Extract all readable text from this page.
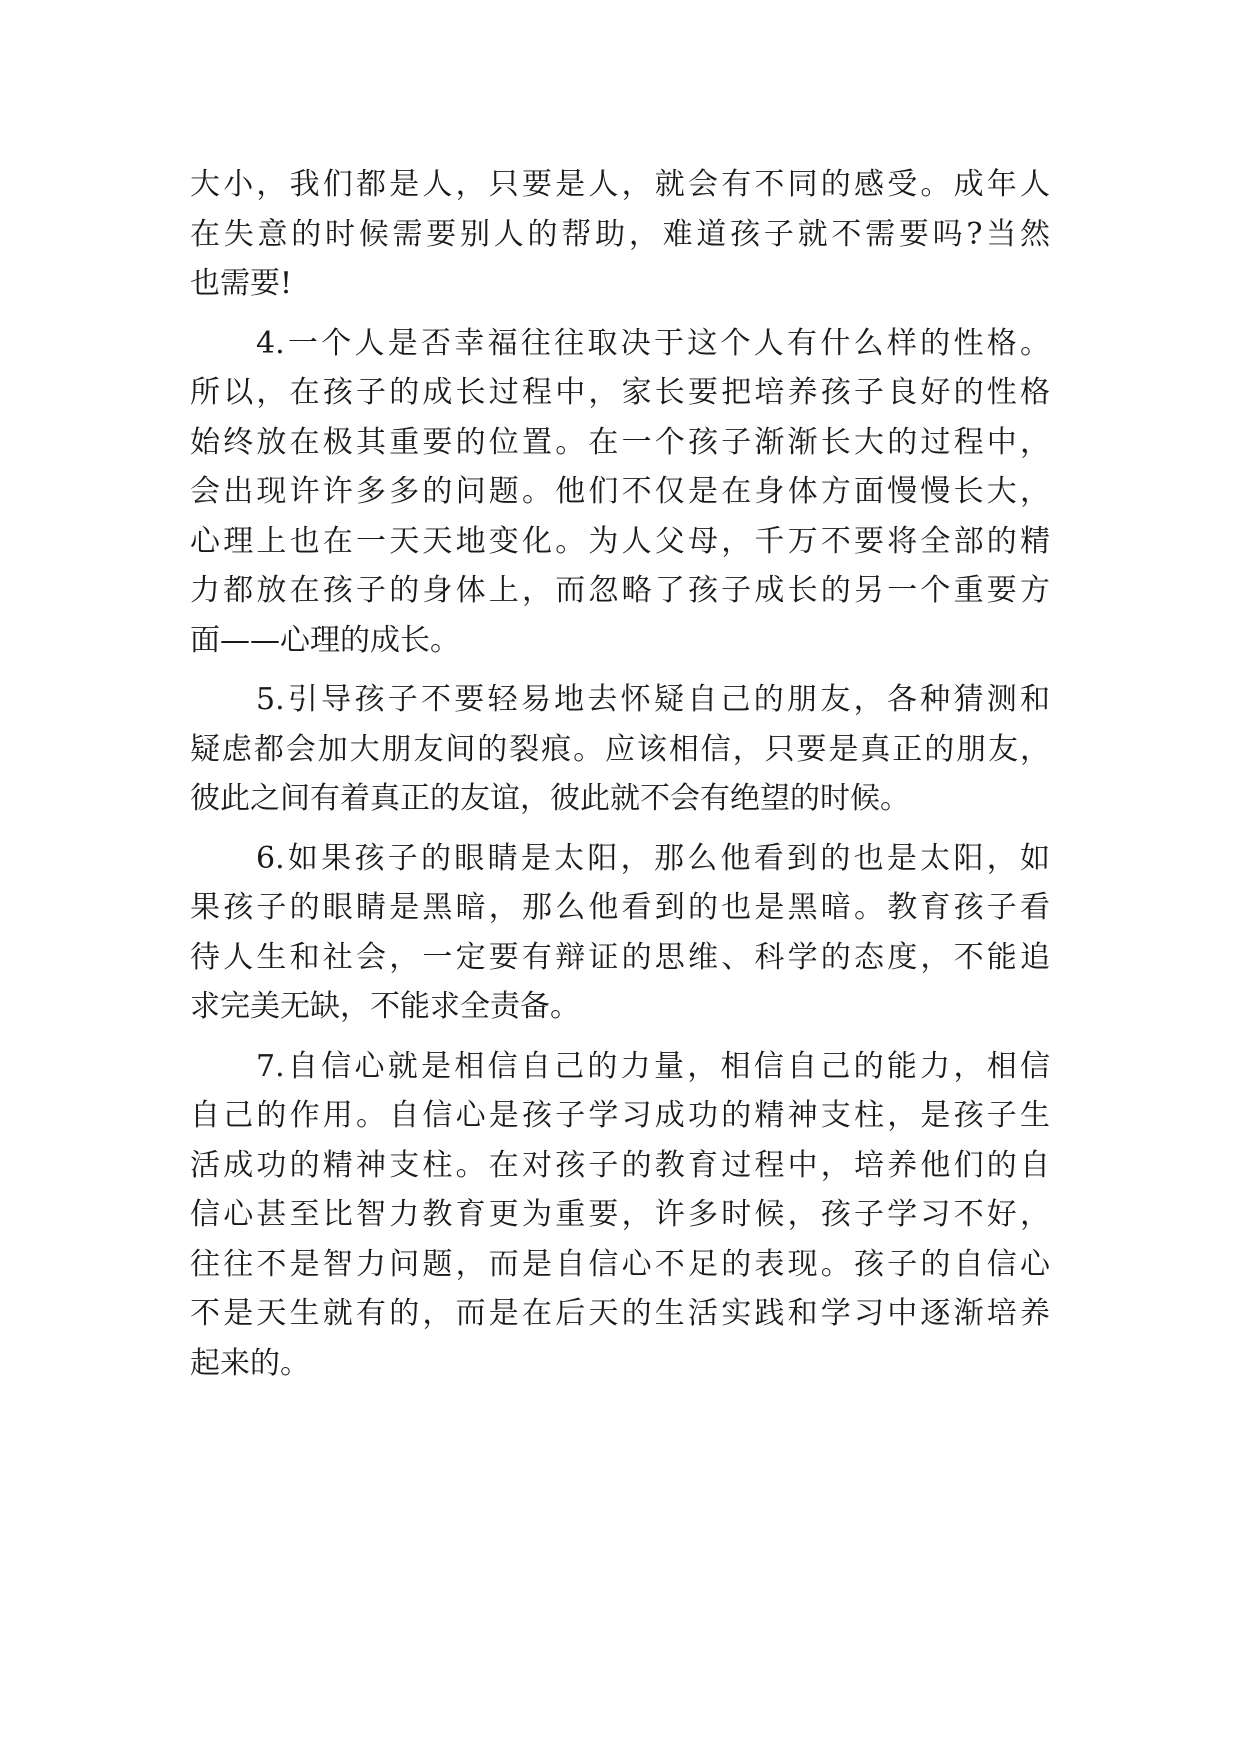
大小，我们都是人，只要是人，就会有不同的感受。成年人
在失意的时候需要别人的帮助，难道孩子就不需要吗?当然
也需要!
4.一个人是否幸福往往取决于这个人有什么样的性格。
所以，在孩子的成长过程中，家长要把培养孩子良好的性格
始终放在极其重要的位置。在一个孩子渐渐长大的过程中，
会出现许许多多的问题。他们不仅是在身体方面慢慢长大，
心理上也在一天天地变化。为人父母，千万不要将全部的精
力都放在孩子的身体上，而忽略了孩子成长的另一个重要方
面——心理的成长。
5.引导孩子不要轻易地去怀疑自己的朋友，各种猜测和
疑虑都会加大朋友间的裂痕。应该相信，只要是真正的朋友，
彼此之间有着真正的友谊，彼此就不会有绝望的时候。
6.如果孩子的眼睛是太阳，那么他看到的也是太阳，如
果孩子的眼睛是黑暗，那么他看到的也是黑暗。教育孩子看
待人生和社会，一定要有辩证的思维、科学的态度，不能追
求完美无缺，不能求全责备。
7.自信心就是相信自己的力量，相信自己的能力，相信
自己的作用。自信心是孩子学习成功的精神支柱，是孩子生
活成功的精神支柱。在对孩子的教育过程中，培养他们的自
信心甚至比智力教育更为重要，许多时候，孩子学习不好，
往往不是智力问题，而是自信心不足的表现。孩子的自信心
不是天生就有的，而是在后天的生活实践和学习中逐渐培养
起来的。
